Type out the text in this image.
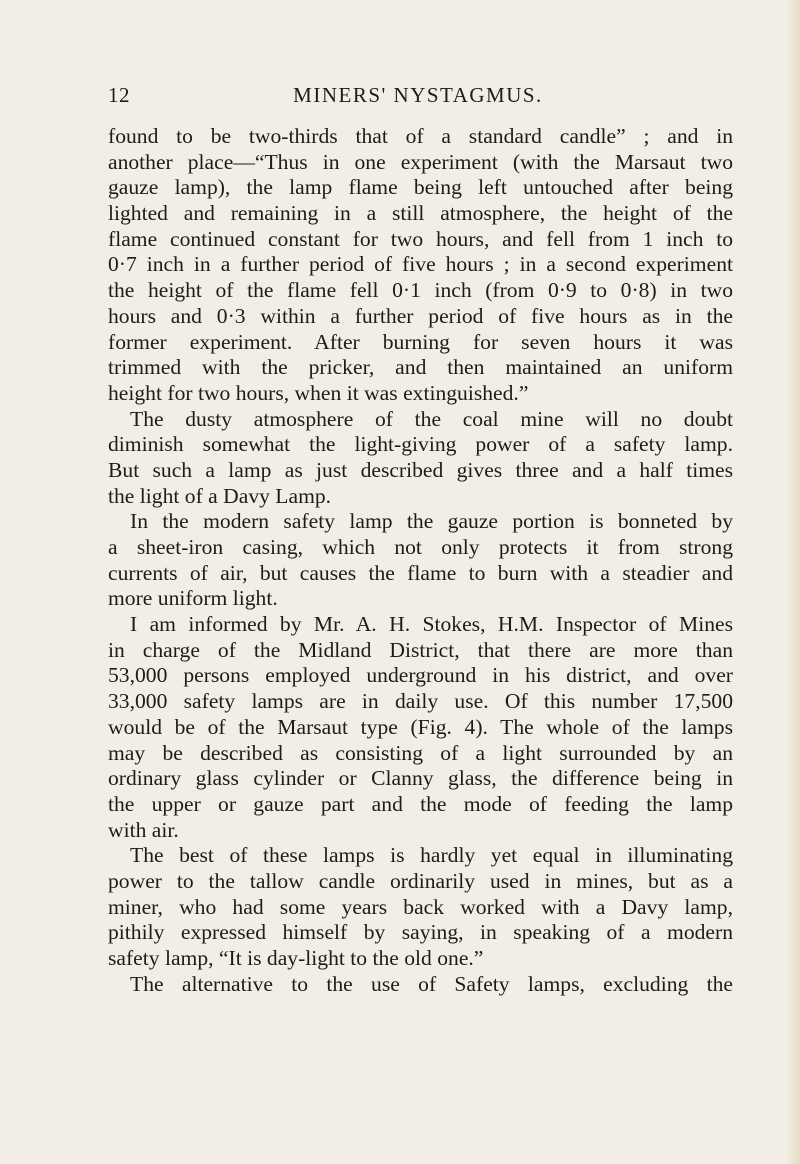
12	MINERS' NYSTAGMUS.
found to be two-thirds that of a standard candle” ; and in
another place—“Thus in one experiment (with the Marsaut two
gauze lamp), the lamp flame being left untouched after being
lighted and remaining in a still atmosphere, the height of the
flame continued constant for two hours, and fell from 1 inch to
0·7 inch in a further period of five hours ; in a second experiment
the height of the flame fell 0·1 inch (from 0·9 to 0·8) in two
hours and 0·3 within a further period of five hours as in the
former experiment. After burning for seven hours it was
trimmed with the pricker, and then maintained an uniform
height for two hours, when it was extinguished.”
The dusty atmosphere of the coal mine will no doubt
diminish somewhat the light-giving power of a safety lamp.
But such a lamp as just described gives three and a half times
the light of a Davy Lamp.
In the modern safety lamp the gauze portion is bonneted by
a sheet-iron casing, which not only protects it from strong
currents of air, but causes the flame to burn with a steadier and
more uniform light.
I am informed by Mr. A. H. Stokes, H.M. Inspector of Mines
in charge of the Midland District, that there are more than
53,000 persons employed underground in his district, and over
33,000 safety lamps are in daily use. Of this number 17,500
would be of the Marsaut type (Fig. 4). The whole of the lamps
may be described as consisting of a light surrounded by an
ordinary glass cylinder or Clanny glass, the difference being in
the upper or gauze part and the mode of feeding the lamp
with air.
The best of these lamps is hardly yet equal in illuminating
power to the tallow candle ordinarily used in mines, but as a
miner, who had some years back worked with a Davy lamp,
pithily expressed himself by saying, in speaking of a modern
safety lamp, “It is day-light to the old one.”
The alternative to the use of Safety lamps, excluding the
